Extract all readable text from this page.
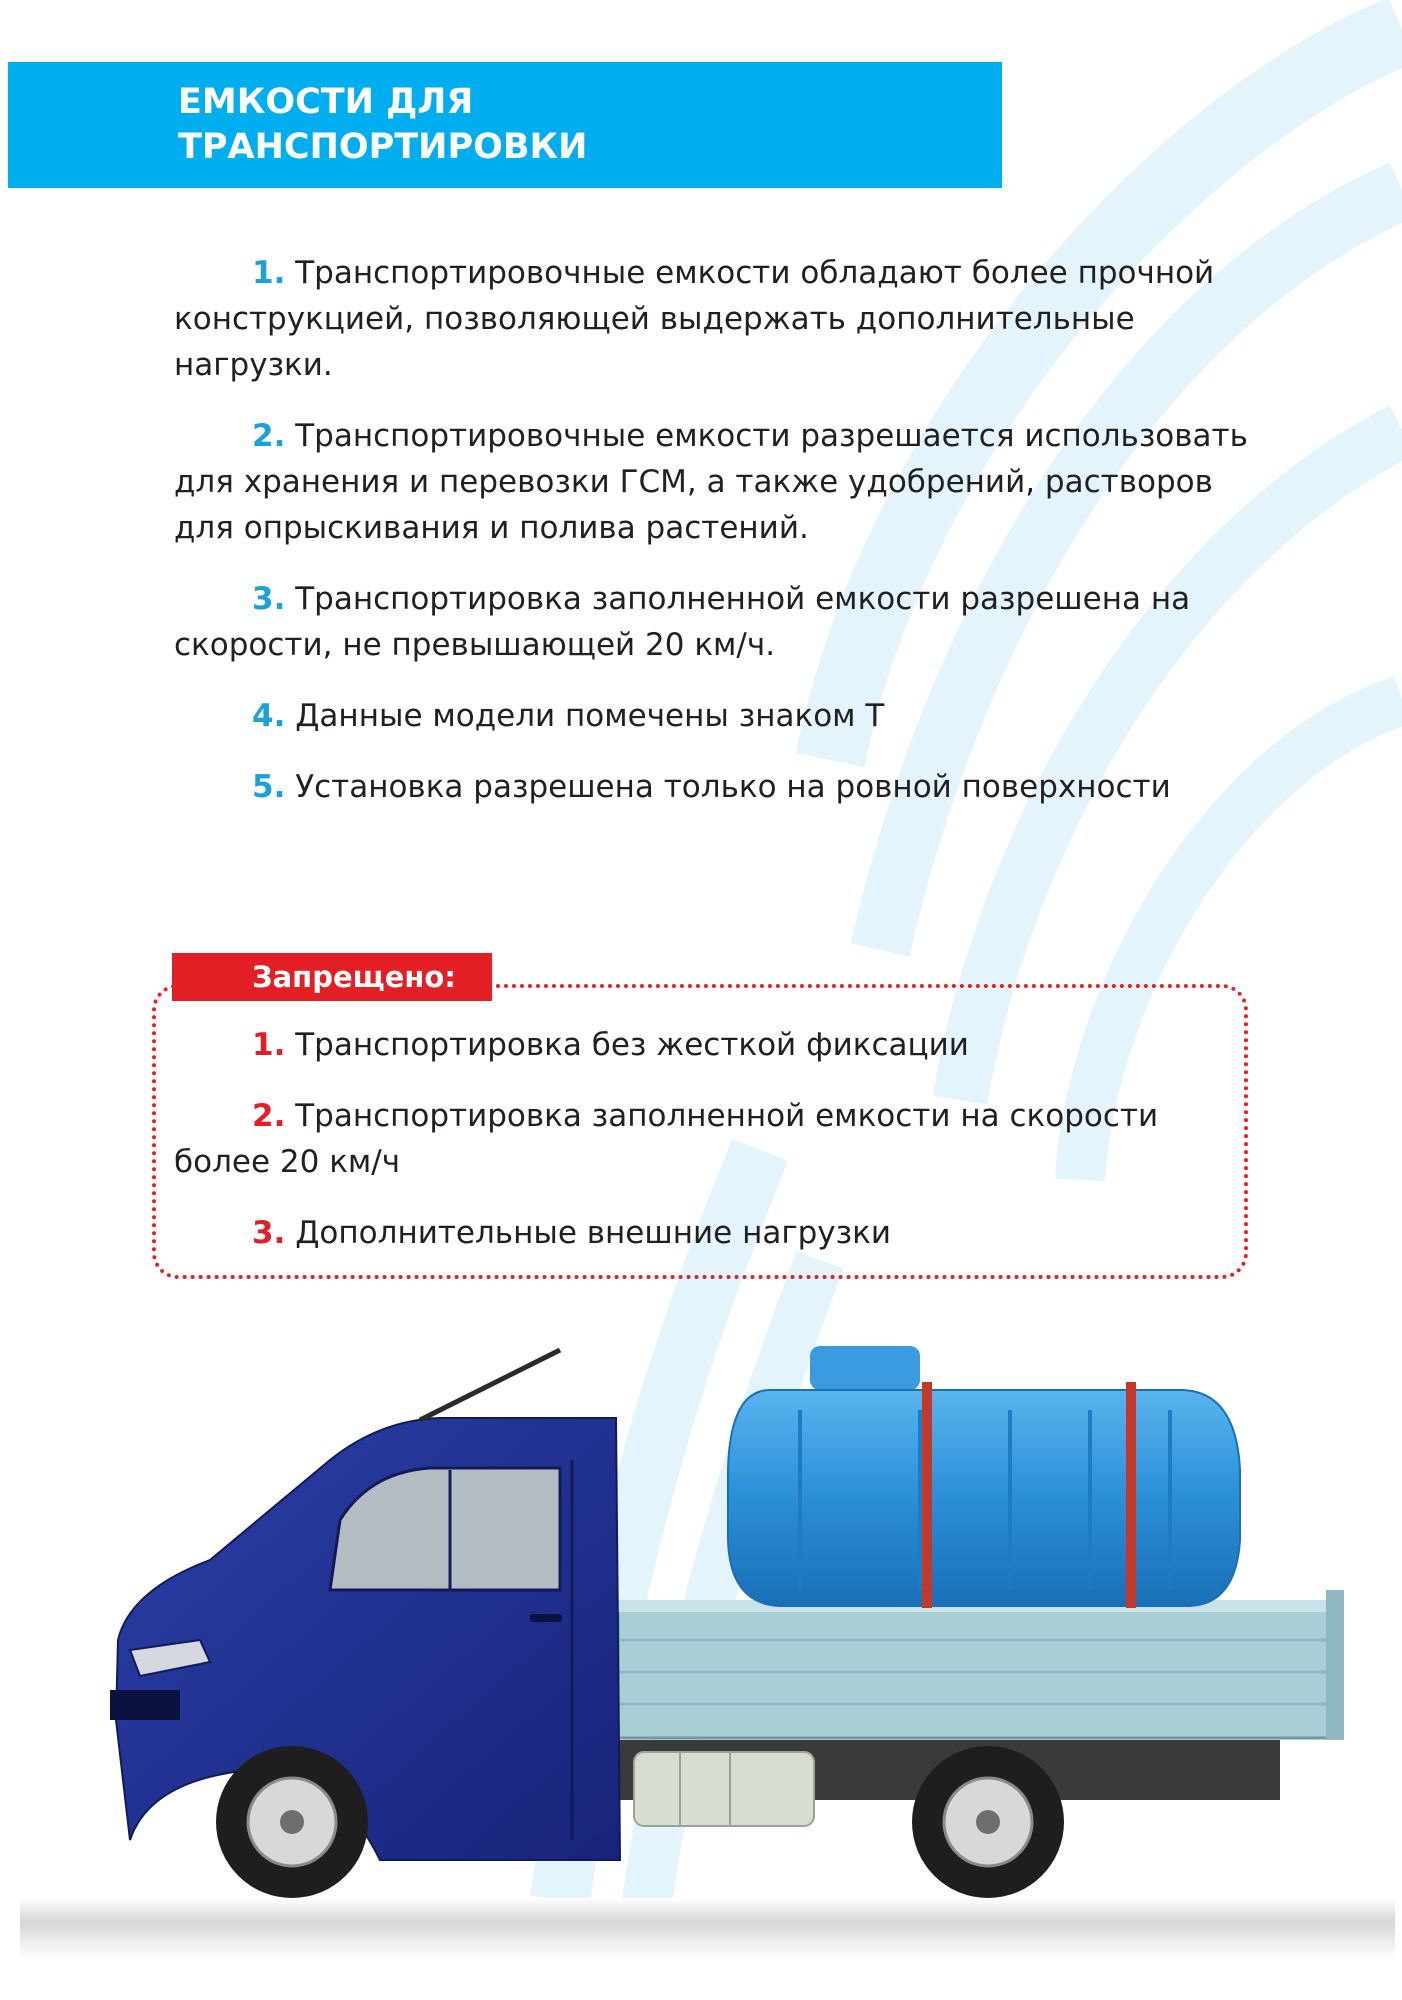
ЕМКОСТИ ДЛЯ
ТРАНСПОРТИРОВКИ

1. Транспортировочные емкости обладают более прочной конструкцией, позволяющей выдержать дополнительные нагрузки.

2. Транспортировочные емкости разрешается использовать для хранения и перевозки ГСМ, а также удобрений, растворов для опрыскивания и полива растений.

3. Транспортировка заполненной емкости разрешена на скорости, не превышающей 20 км/ч.

4. Данные модели помечены знаком Т

5. Установка разрешена только на ровной поверхности

Запрещено:

1. Транспортировка без жесткой фиксации

2. Транспортировка заполненной емкости на скорости более 20 км/ч

3. Дополнительные внешние нагрузки
